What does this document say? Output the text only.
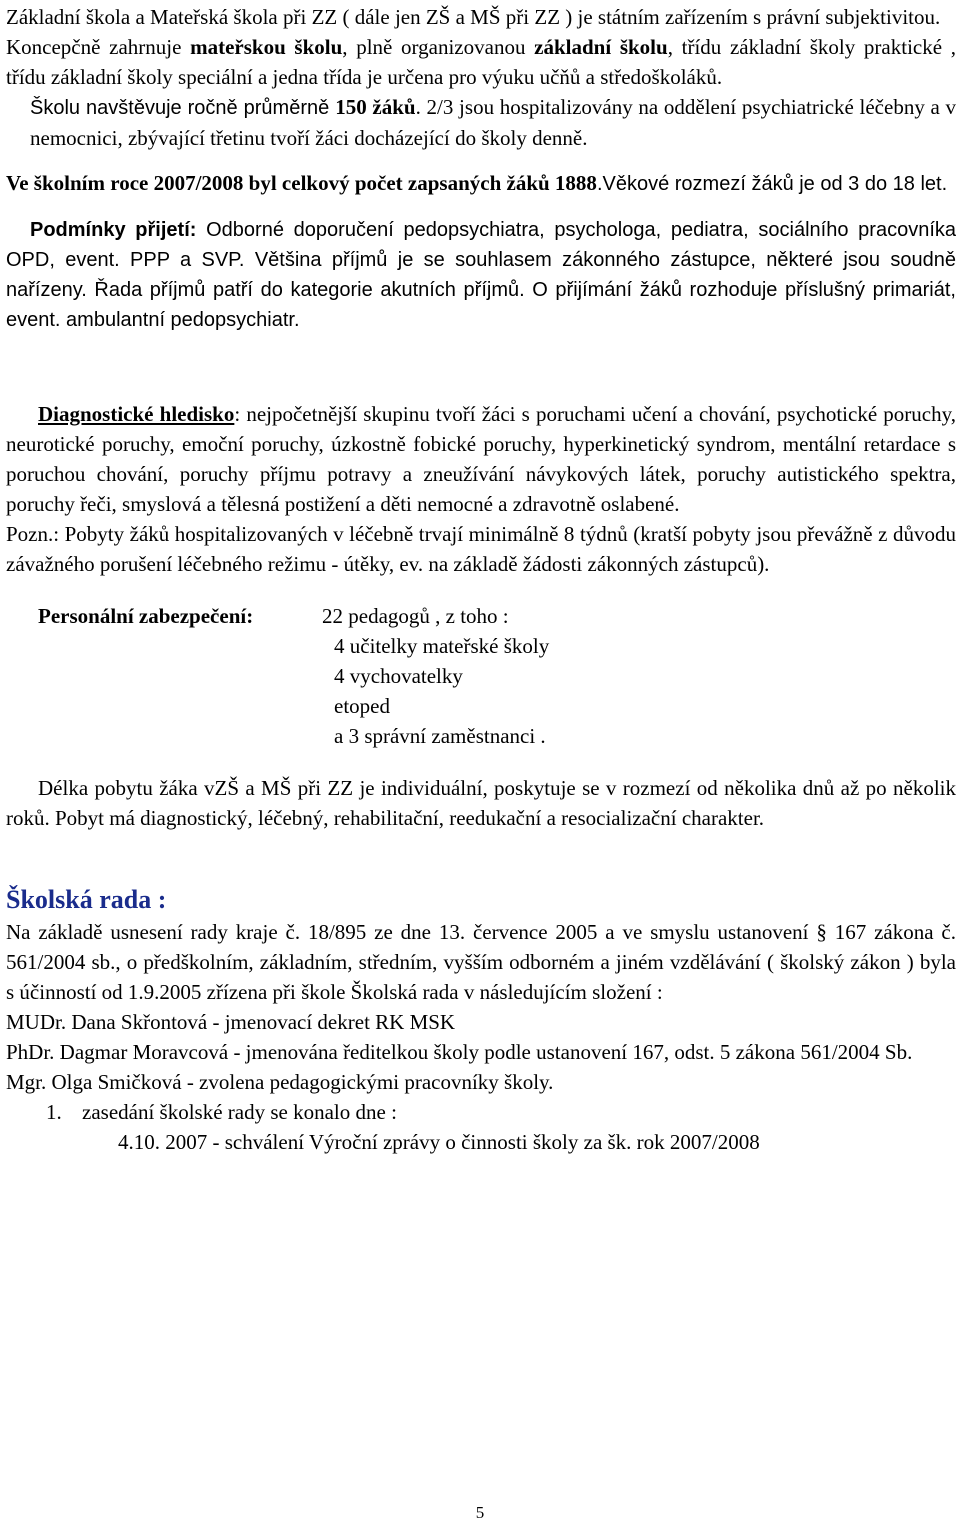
Základní škola a Mateřská škola při ZZ ( dále jen ZŠ a MŠ při ZZ ) je státním zařízením s právní subjektivitou.

Koncepčně zahrnuje mateřskou školu, plně organizovanou základní školu, třídu základní školy praktické , třídu základní školy speciální a jedna třída je určena pro výuku učňů a středoškoláků.

Školu navštěvuje ročně průměrně 150 žáků. 2/3 jsou hospitalizovány na oddělení psychiatrické léčebny a v nemocnici, zbývající třetinu tvoří žáci docházející do školy denně.

Ve školním roce 2007/2008 byl celkový počet zapsaných žáků 1888.Věkové rozmezí žáků je od 3 do 18 let.

Podmínky přijetí: Odborné doporučení pedopsychiatra, psychologa, pediatra, sociálního pracovníka OPD, event. PPP a SVP. Většina příjmů je se souhlasem zákonného zástupce, některé jsou soudně nařízeny. Řada příjmů patří do kategorie akutních příjmů. O přijímání žáků rozhoduje příslušný primariát, event. ambulantní pedopsychiatr.

Diagnostické hledisko: nejpočetnější skupinu tvoří žáci s poruchami učení a chování, psychotické poruchy, neurotické poruchy, emoční poruchy, úzkostně fobické poruchy, hyperkinetický syndrom, mentální retardace s poruchou chování, poruchy příjmu potravy a zneužívání návykových látek, poruchy autistického spektra, poruchy řeči, smyslová a tělesná postižení a děti nemocné a zdravotně oslabené.

Pozn.: Pobyty žáků hospitalizovaných v léčebně trvají minimálně 8 týdnů (kratší pobyty jsou převážně z důvodu závažného porušení léčebného režimu - útěky, ev. na základě žádosti zákonných zástupců).

Personální zabezpečení:	22 pedagogů , z toho :
4 učitelky mateřské školy
4 vychovatelky
etoped
a 3 správní zaměstnanci .

Délka pobytu žáka vZŠ a MŠ při ZZ je individuální, poskytuje se v rozmezí od několika dnů až po několik roků. Pobyt má diagnostický, léčebný, rehabilitační, reedukační a resocializační charakter.

Školská rada :

Na základě usnesení rady kraje č. 18/895 ze dne 13. července 2005 a ve smyslu ustanovení § 167 zákona č. 561/2004 sb., o předškolním, základním, středním, vyšším odborném a jiném vzdělávání ( školský zákon ) byla s účinností od 1.9.2005 zřízena při škole Školská rada v následujícím složení :

MUDr. Dana Skřontová - jmenovací dekret RK MSK

PhDr. Dagmar Moravcová - jmenována ředitelkou školy podle ustanovení 167, odst. 5 zákona 561/2004 Sb.

Mgr. Olga Smičková - zvolena pedagogickými pracovníky školy.

1. zasedání školské rady se konalo dne :
4.10. 2007 - schválení Výroční zprávy o činnosti školy za šk. rok 2007/2008
5
